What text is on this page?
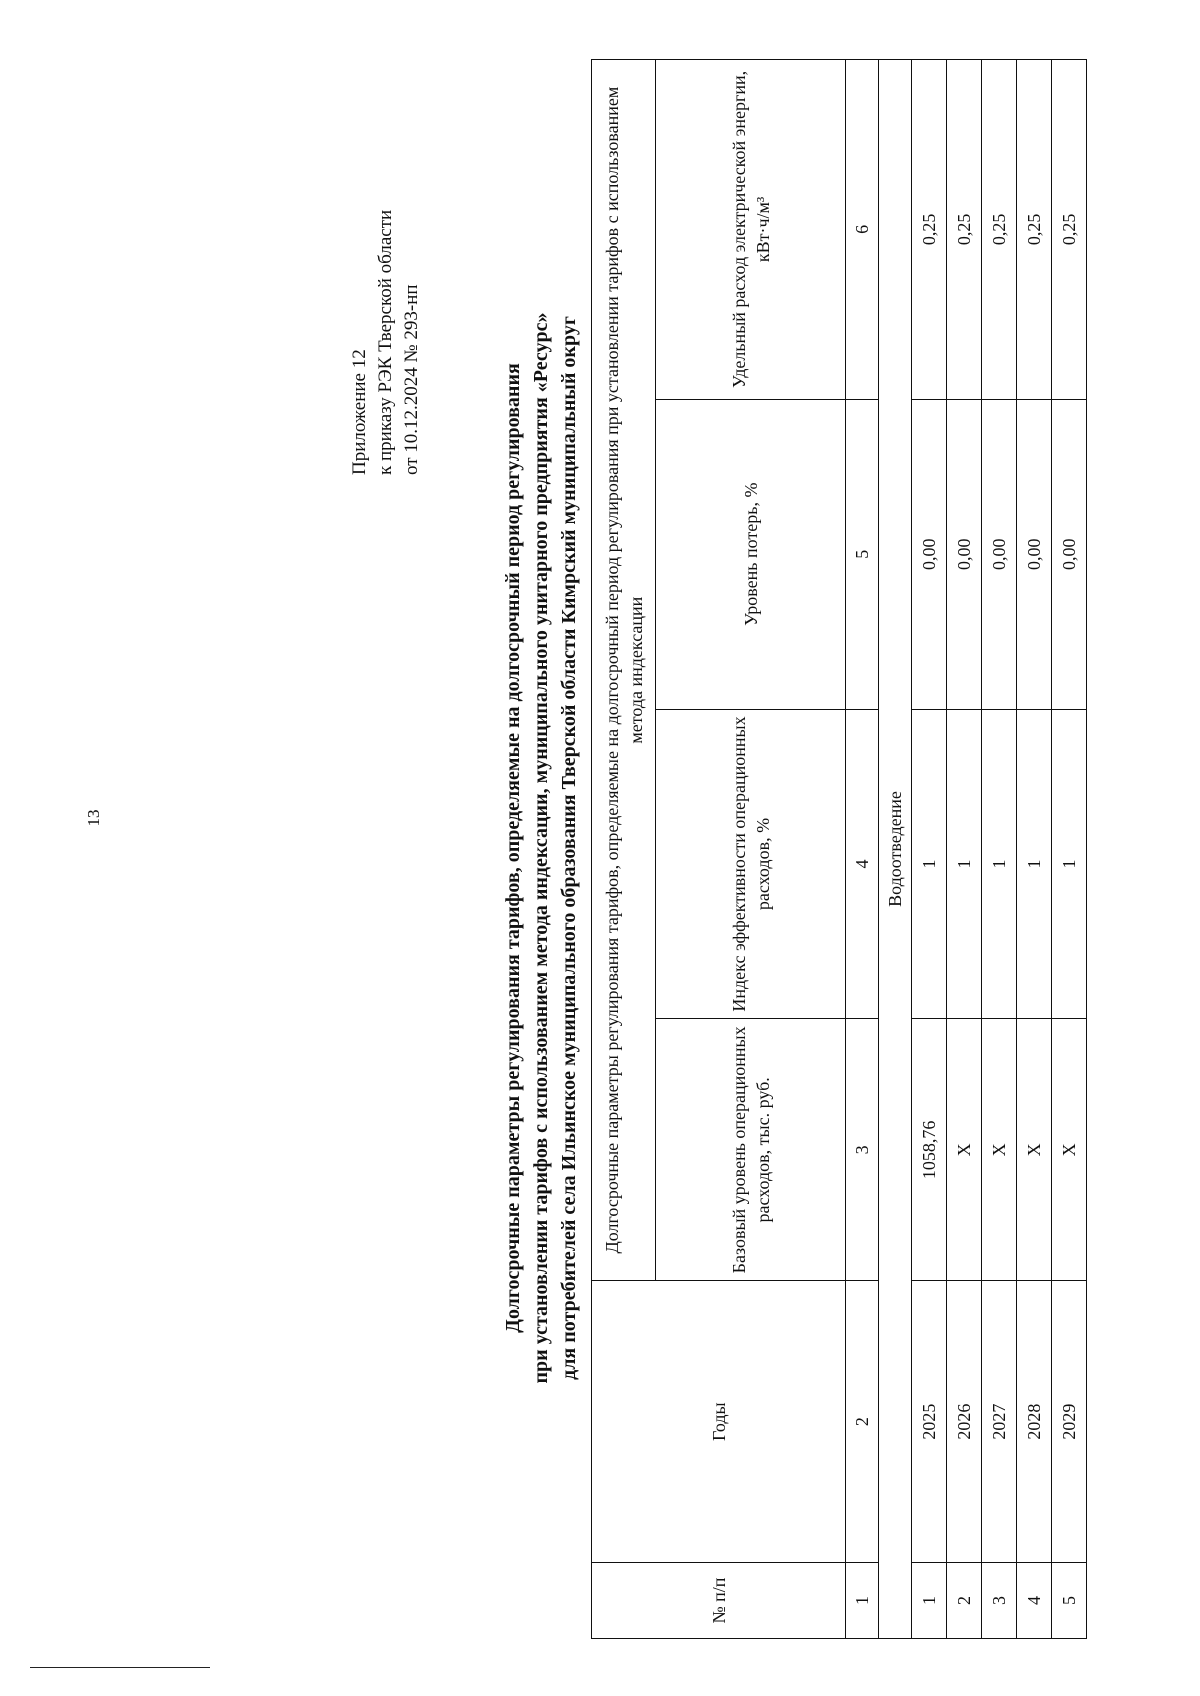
13
Приложение 12 к приказу РЭК Тверской области от 10.12.2024 № 293-нп	Долгосрочные параметры регулирования тарифов, определяемые на долгосрочный период регулирования при установлении тарифов с использованием метода индексации, муниципального унитарного предприятия «Ресурс» для потребителей села Ильинское муниципального образования Тверской области Кимрский муниципальный округ
№ п/п	Годы	Долгосрочные параметры регулирования тарифов, определяемые на долгосрочный период регулирования при установлении тарифов с использованием метода индексации			
		Базовый уровень операционных расходов, тыс. руб.	Индекс эффективности операционных расходов, %	Уровень потерь, %	Удельный расход электрической энергии, кВт·ч/м³
1	2	3	4	5	6
Водоотведение					
1	2025	1058,76	1	0,00	0,25
2	2026	Х	1	0,00	0,25
3	2027	Х	1	0,00	0,25
4	2028	Х	1	0,00	0,25
5	2029	Х	1	0,00	0,25
